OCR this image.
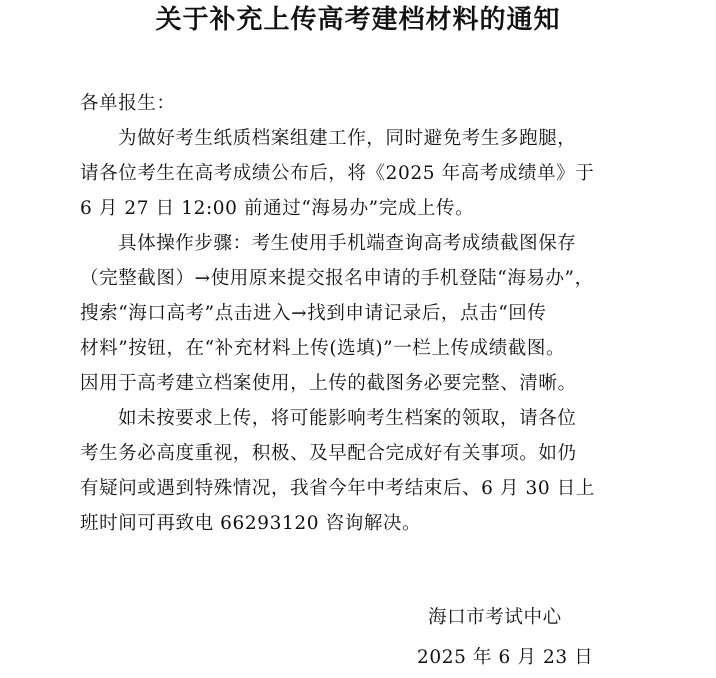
关于补充上传高考建档材料的通知
各单报生：
为做好考生纸质档案组建工作，同时避免考生多跑腿，
请各位考生在高考成绩公布后，将《2025 年高考成绩单》于
6 月 27 日 12:00 前通过“海易办”完成上传。
具体操作步骤：考生使用手机端查询高考成绩截图保存
（完整截图）→使用原来提交报名申请的手机登陆“海易办”，
搜索“海口高考”点击进入→找到申请记录后，点击“回传
材料”按钮，在“补充材料上传(选填)”一栏上传成绩截图。
因用于高考建立档案使用，上传的截图务必要完整、清晰。
如未按要求上传，将可能影响考生档案的领取，请各位
考生务必高度重视，积极、及早配合完成好有关事项。如仍
有疑问或遇到特殊情况，我省今年中考结束后、6 月 30 日上
班时间可再致电 66293120 咨询解决。
海口市考试中心
2025 年 6 月 23 日
